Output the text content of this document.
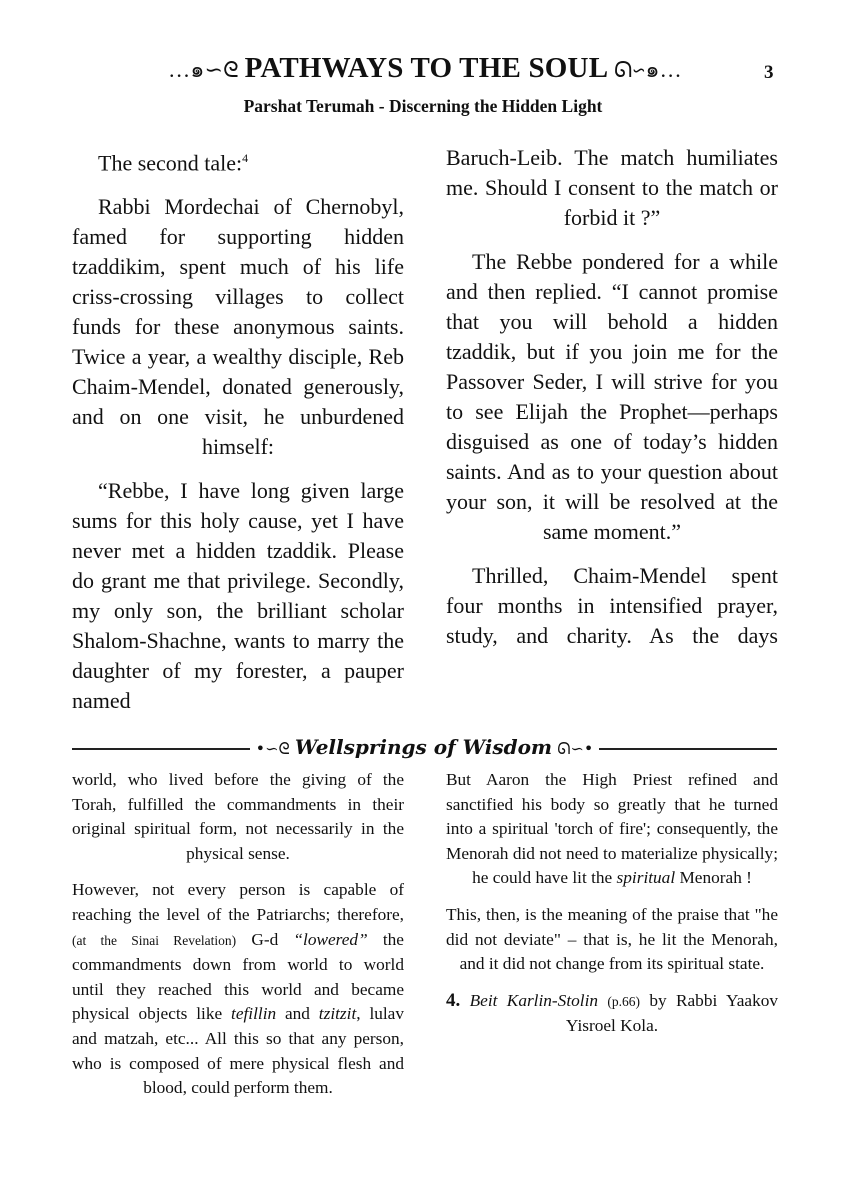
…๑∽ᘓ PATHWAYS TO THE SOUL ᘏ∽๑…	3
Parshat Terumah - Discerning the Hidden Light

The second tale:$^4$

Rabbi Mordechai of Chernobyl, famed for supporting hidden tzaddikim, spent much of his life criss-crossing villages to collect funds for these anonymous saints. Twice a year, a wealthy disciple, Reb Chaim-Mendel, donated generously, and on one visit, he unburdened himself:

“Rebbe, I have long given large sums for this holy cause, yet I have never met a hidden tzaddik. Please do grant me that privilege. Secondly, my only son, the brilliant scholar Shalom-Shachne, wants to marry the daughter of my forester, a pauper named

Baruch-Leib. The match humiliates me. Should I consent to the match or forbid it ?”

The Rebbe pondered for a while and then replied. “I cannot promise that you will behold a hidden tzaddik, but if you join me for the Passover Seder, I will strive for you to see Elijah the Prophet—perhaps disguised as one of today’s hidden saints. And as to your question about your son, it will be resolved at the same moment.”

Thrilled, Chaim-Mendel spent four months in intensified prayer, study, and charity. As the days

•∽ᘓ Wellsprings of Wisdom ᘏ∽•

world, who lived before the giving of the Torah, fulfilled the commandments in their original spiritual form, not necessarily in the physical sense.

However, not every person is capable of reaching the level of the Patriarchs; therefore, (at the Sinai Revelation) G-d “lowered” the commandments down from world to world until they reached this world and became physical objects like tefillin and tzitzit, lulav and matzah, etc... All this so that any person, who is composed of mere physical flesh and blood, could perform them.

But Aaron the High Priest refined and sanctified his body so greatly that he turned into a spiritual 'torch of fire'; consequently, the Menorah did not need to materialize physically; he could have lit the spiritual Menorah !

This, then, is the meaning of the praise that "he did not deviate" – that is, he lit the Menorah, and it did not change from its spiritual state.

4. Beit Karlin-Stolin (p.66) by Rabbi Yaakov Yisroel Kola.
